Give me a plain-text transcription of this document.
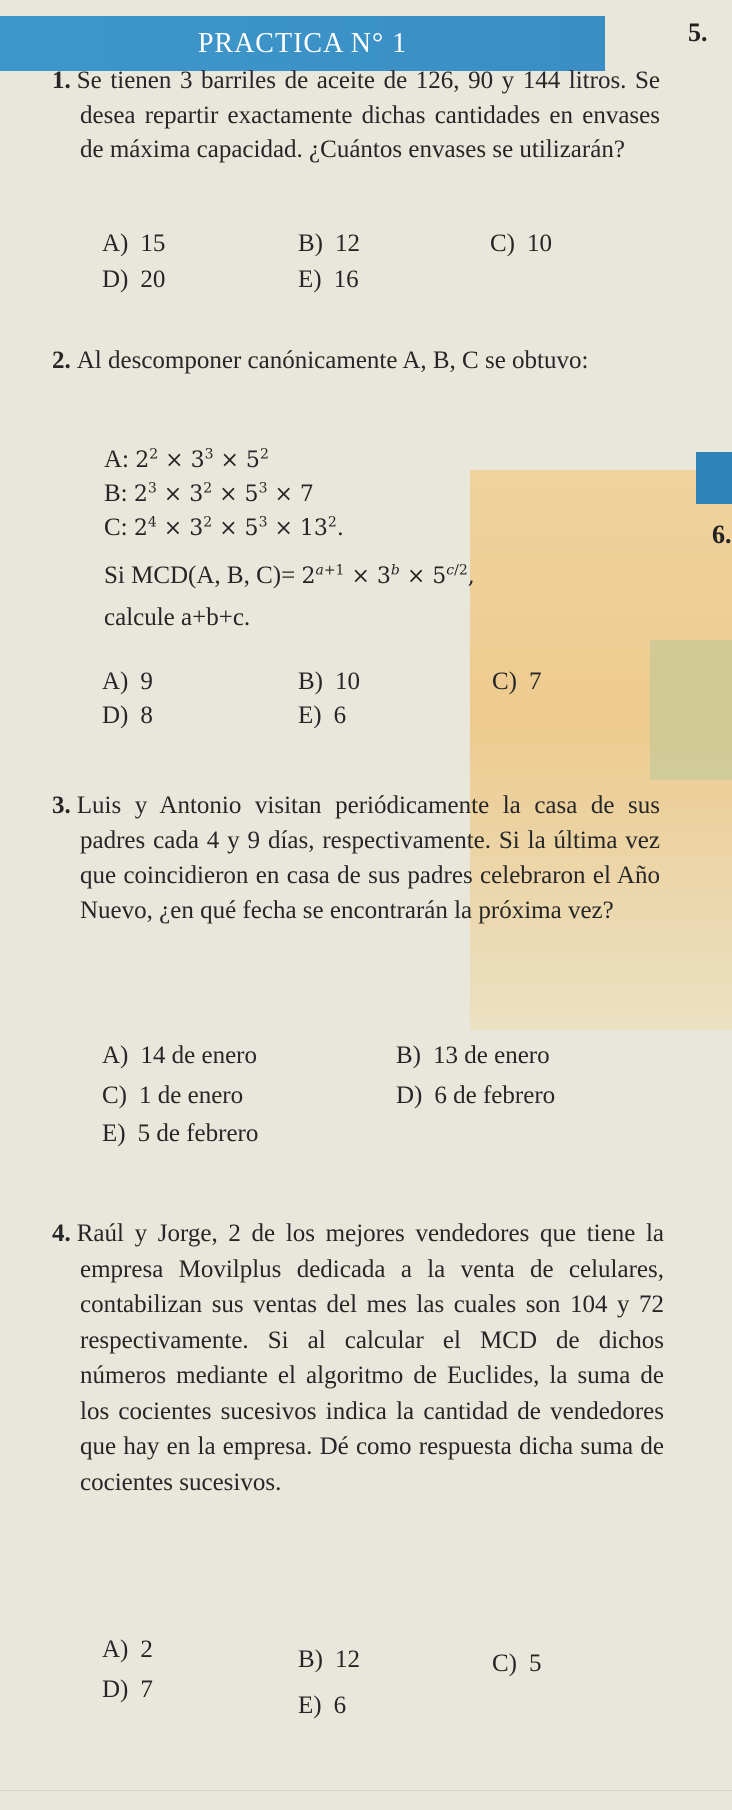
PRACTICA N° 1	5.
6.
1. Se tienen 3 barriles de aceite de 126, 90 y 144 litros. Se desea repartir exactamente dichas cantidades en envases de máxima capacidad. ¿Cuántos envases se utilizarán?
A) 15	B) 12	C) 10
D) 20	E) 16
2. Al descomponer canónicamente A, B, C se obtuvo:
A: $2^2 \times 3^3 \times 5^2$
B: $2^3 \times 3^2 \times 5^3 \times 7$
C: $2^4 \times 3^2 \times 5^3 \times 13^2$.
Si MCD(A, B, $C)= 2^{a+1} \times 3^b \times 5^{c/2}$,
calcule a+b+c.
A) 9	B) 10	C) 7
D) 8	E) 6
3. Luis y Antonio visitan periódicamente la casa de sus padres cada 4 y 9 días, respectivamente. Si la última vez que coincidieron en casa de sus padres celebraron el Año Nuevo, ¿en qué fecha se encontrarán la próxima vez?
A) 14 de enero	B) 13 de enero
C) 1 de enero	D) 6 de febrero
E) 5 de febrero
4. Raúl y Jorge, 2 de los mejores vendedores que tiene la empresa Movilplus dedicada a la venta de celulares, contabilizan sus ventas del mes las cuales son 104 y 72 respectivamente. Si al calcular el MCD de dichos números mediante el algoritmo de Euclides, la suma de los cocientes sucesivos indica la cantidad de vendedores que hay en la empresa. Dé como respuesta dicha suma de cocientes sucesivos.
A) 2	B) 12	C) 5
D) 7
E) 6
